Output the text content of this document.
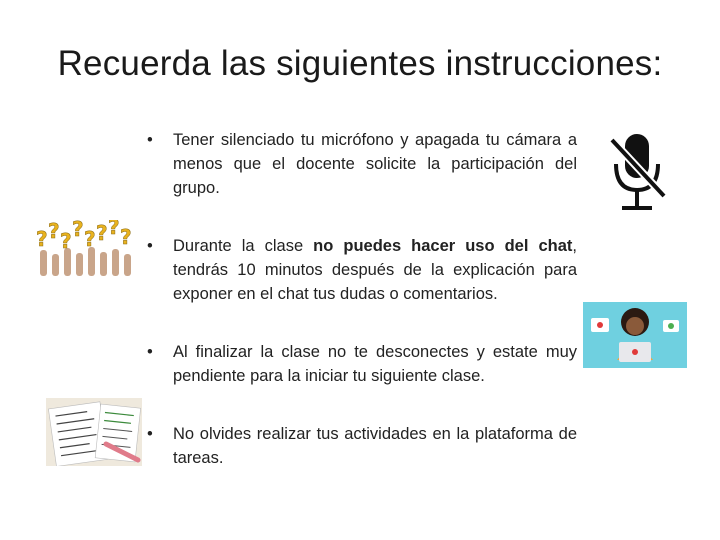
Recuerda las siguientes instrucciones:
•	Tener silenciado tu micrófono y apagada tu cámara a menos que el docente solicite la participación del grupo.
•	Durante la clase no puedes hacer uso del chat, tendrás 10 minutos después de la explicación para exponer en el chat tus dudas o comentarios.
•	Al finalizar la clase no te desconectes y estate muy pendiente para la iniciar tu siguiente clase.
•	No olvides realizar tus actividades en la plataforma de tareas.
? ? ? ? ? ? ? ?
